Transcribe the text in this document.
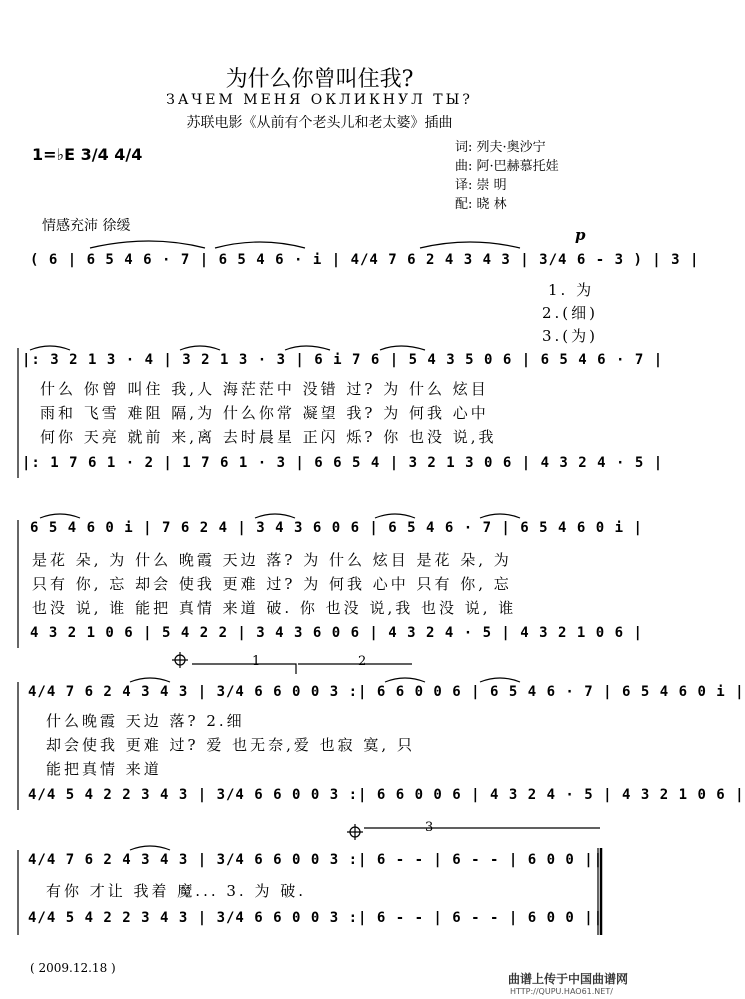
为什么你曾叫住我?
ЗАЧЕМ МЕНЯ ОКЛИКНУЛ ТЫ?
苏联电影《从前有个老头儿和老太婆》插曲
1=♭E 3/4 4/4	词: 列夫·奥沙宁
曲: 阿·巴赫慕托娃
译: 崇 明
配: 晓 林
情感充沛 徐缓	p
( 6 | 6 5 4 6 · 7 | 6 5 4 6 · i | 4/4 7 6 2 4 3 4 3 | 3/4 6 - 3 ) | 3 |
1. 为
2.(细)
3.(为)
|: 3 2 1 3 · 4 | 3 2 1 3 · 3 | 6 i 7 6 | 5 4 3 5 0 6 | 6 5 4 6 · 7 |
什么 你曾 叫住 我,人 海茫茫中 没错 过? 为 什么 炫目
雨和 飞雪 难阻 隔,为 什么你常 凝望 我? 为 何我 心中
何你 天亮 就前 来,离 去时晨星 正闪 烁? 你 也没 说,我
|: 1 7 6 1 · 2 | 1 7 6 1 · 3 | 6 6 5 4 | 3 2 1 3 0 6 | 4 3 2 4 · 5 |
6 5 4 6 0 i | 7 6 2 4 | 3 4 3 6 0 6 | 6 5 4 6 · 7 | 6 5 4 6 0 i |
是花 朵, 为 什么 晚霞 天边 落? 为 什么 炫目 是花 朵, 为
只有 你, 忘 却会 使我 更难 过? 为 何我 心中 只有 你, 忘
也没 说, 谁 能把 真情 来道 破. 你 也没 说,我 也没 说, 谁
4 3 2 1 0 6 | 5 4 2 2 | 3 4 3 6 0 6 | 4 3 2 4 · 5 | 4 3 2 1 0 6 |
1	2
4/4 7 6 2 4 3 4 3 | 3/4 6 6 0 0 3 :| 6 6 0 0 6 | 6 5 4 6 · 7 | 6 5 4 6 0 i |
什么晚霞 天边 落? 2.细
却会使我 更难 过? 爱 也无奈,爱 也寂 寞, 只
能把真情 来道
4/4 5 4 2 2 3 4 3 | 3/4 6 6 0 0 3 :| 6 6 0 0 6 | 4 3 2 4 · 5 | 4 3 2 1 0 6 |
3
4/4 7 6 2 4 3 4 3 | 3/4 6 6 0 0 3 :| 6 - - | 6 - - | 6 0 0 ||
有你 才让 我着 魔... 3. 为 破.
4/4 5 4 2 2 3 4 3 | 3/4 6 6 0 0 3 :| 6 - - | 6 - - | 6 0 0 ||
( 2009.12.18 )
曲谱上传于中国曲谱网
HTTP://QUPU.HAO61.NET/
